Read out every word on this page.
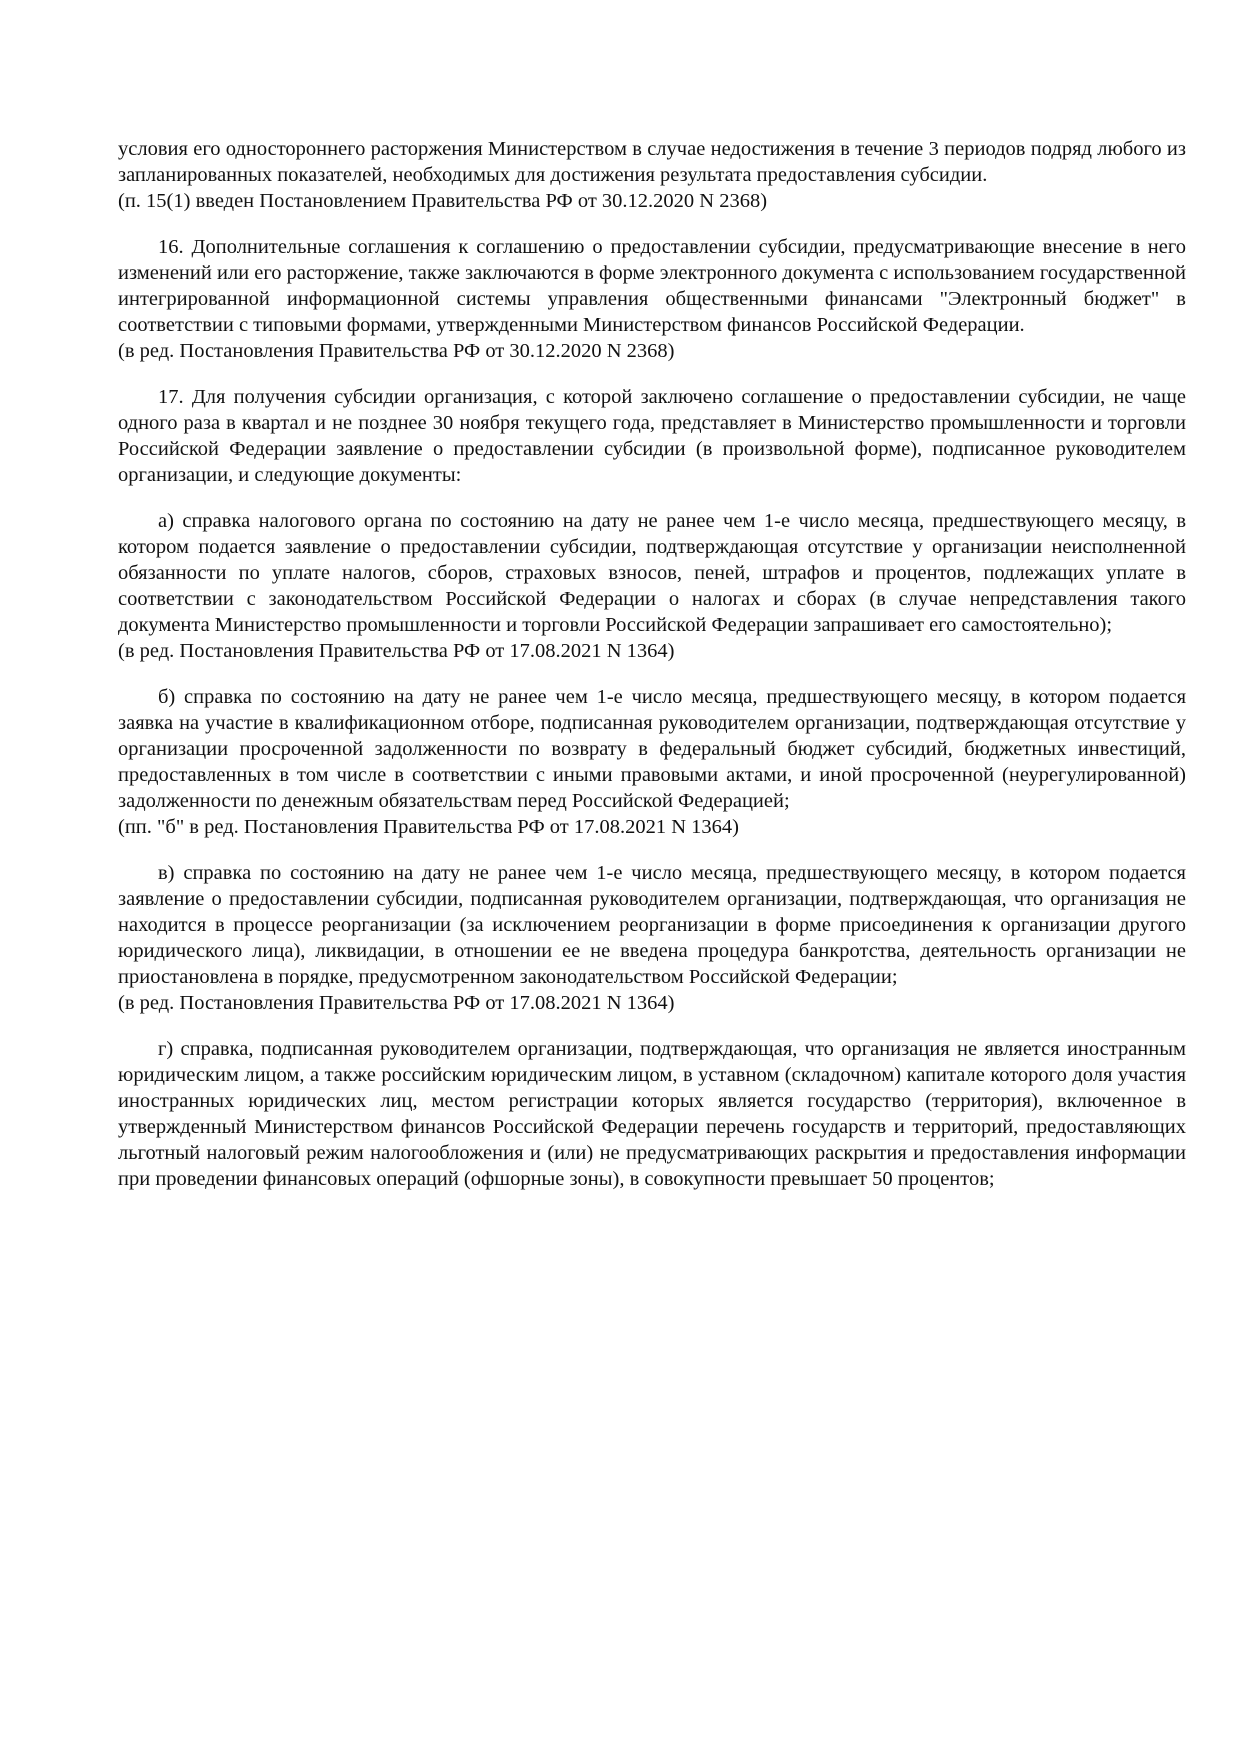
условия его одностороннего расторжения Министерством в случае недостижения в течение 3 периодов подряд любого из запланированных показателей, необходимых для достижения результата предоставления субсидии.

(п. 15(1) введен Постановлением Правительства РФ от 30.12.2020 N 2368)

16. Дополнительные соглашения к соглашению о предоставлении субсидии, предусматривающие внесение в него изменений или его расторжение, также заключаются в форме электронного документа с использованием государственной интегрированной информационной системы управления общественными финансами "Электронный бюджет" в соответствии с типовыми формами, утвержденными Министерством финансов Российской Федерации.

(в ред. Постановления Правительства РФ от 30.12.2020 N 2368)

17. Для получения субсидии организация, с которой заключено соглашение о предоставлении субсидии, не чаще одного раза в квартал и не позднее 30 ноября текущего года, представляет в Министерство промышленности и торговли Российской Федерации заявление о предоставлении субсидии (в произвольной форме), подписанное руководителем организации, и следующие документы:

а) справка налогового органа по состоянию на дату не ранее чем 1-е число месяца, предшествующего месяцу, в котором подается заявление о предоставлении субсидии, подтверждающая отсутствие у организации неисполненной обязанности по уплате налогов, сборов, страховых взносов, пеней, штрафов и процентов, подлежащих уплате в соответствии с законодательством Российской Федерации о налогах и сборах (в случае непредставления такого документа Министерство промышленности и торговли Российской Федерации запрашивает его самостоятельно);

(в ред. Постановления Правительства РФ от 17.08.2021 N 1364)

б) справка по состоянию на дату не ранее чем 1-е число месяца, предшествующего месяцу, в котором подается заявка на участие в квалификационном отборе, подписанная руководителем организации, подтверждающая отсутствие у организации просроченной задолженности по возврату в федеральный бюджет субсидий, бюджетных инвестиций, предоставленных в том числе в соответствии с иными правовыми актами, и иной просроченной (неурегулированной) задолженности по денежным обязательствам перед Российской Федерацией;

(пп. "б" в ред. Постановления Правительства РФ от 17.08.2021 N 1364)

в) справка по состоянию на дату не ранее чем 1-е число месяца, предшествующего месяцу, в котором подается заявление о предоставлении субсидии, подписанная руководителем организации, подтверждающая, что организация не находится в процессе реорганизации (за исключением реорганизации в форме присоединения к организации другого юридического лица), ликвидации, в отношении ее не введена процедура банкротства, деятельность организации не приостановлена в порядке, предусмотренном законодательством Российской Федерации;

(в ред. Постановления Правительства РФ от 17.08.2021 N 1364)

г) справка, подписанная руководителем организации, подтверждающая, что организация не является иностранным юридическим лицом, а также российским юридическим лицом, в уставном (складочном) капитале которого доля участия иностранных юридических лиц, местом регистрации которых является государство (территория), включенное в утвержденный Министерством финансов Российской Федерации перечень государств и территорий, предоставляющих льготный налоговый режим налогообложения и (или) не предусматривающих раскрытия и предоставления информации при проведении финансовых операций (офшорные зоны), в совокупности превышает 50 процентов;
